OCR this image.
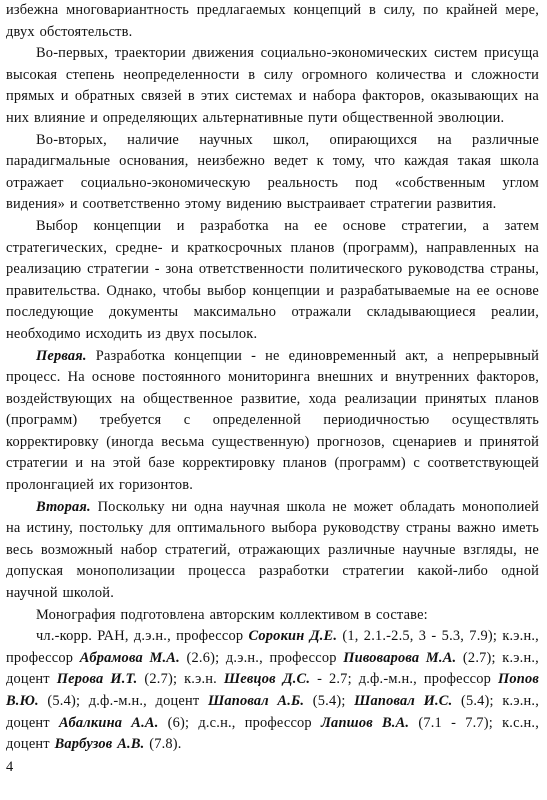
избежна многовариантность предлагаемых концепций в силу, по крайней мере, двух обстоятельств.

Во-первых, траектории движения социально-экономических систем присуща высокая степень неопределенности в силу огромного количества и сложности прямых и обратных связей в этих системах и набора факторов, оказывающих на них влияние и определяющих альтернативные пути общественной эволюции.

Во-вторых, наличие научных школ, опирающихся на различные парадигмальные основания, неизбежно ведет к тому, что каждая такая школа отражает социально-экономическую реальность под «собственным углом видения» и соответственно этому видению выстраивает стратегии развития.

Выбор концепции и разработка на ее основе стратегии, а затем стратегических, средне- и краткосрочных планов (программ), направленных на реализацию стратегии - зона ответственности политического руководства страны, правительства. Однако, чтобы выбор концепции и разрабатываемые на ее основе последующие документы максимально отражали складывающиеся реалии, необходимо исходить из двух посылок.

Первая. Разработка концепции - не единовременный акт, а непрерывный процесс. На основе постоянного мониторинга внешних и внутренних факторов, воздействующих на общественное развитие, хода реализации принятых планов (программ) требуется с определенной периодичностью осуществлять корректировку (иногда весьма существенную) прогнозов, сценариев и принятой стратегии и на этой базе корректировку планов (программ) с соответствующей пролонгацией их горизонтов.

Вторая. Поскольку ни одна научная школа не может обладать монополией на истину, постольку для оптимального выбора руководству страны важно иметь весь возможный набор стратегий, отражающих различные научные взгляды, не допуская монополизации процесса разработки стратегии какой-либо одной научной школой.

Монография подготовлена авторским коллективом в составе:

чл.-корр. РАН, д.э.н., профессор Сорокин Д.Е. (1, 2.1.-2.5, 3 - 5.3, 7.9); к.э.н., профессор Абрамова М.А. (2.6); д.э.н., профессор Пивоварова М.А. (2.7); к.э.н., доцент Перова И.Т. (2.7); к.э.н. Шевцов Д.С. - 2.7; д.ф.-м.н., профессор Попов В.Ю. (5.4); д.ф.-м.н., доцент Шаповал А.Б. (5.4); Шаповал И.С. (5.4); к.э.н., доцент Абалкина А.А. (6); д.с.н., профессор Лапшов В.А. (7.1 - 7.7); к.с.н., доцент Варбузов А.В. (7.8).

4
